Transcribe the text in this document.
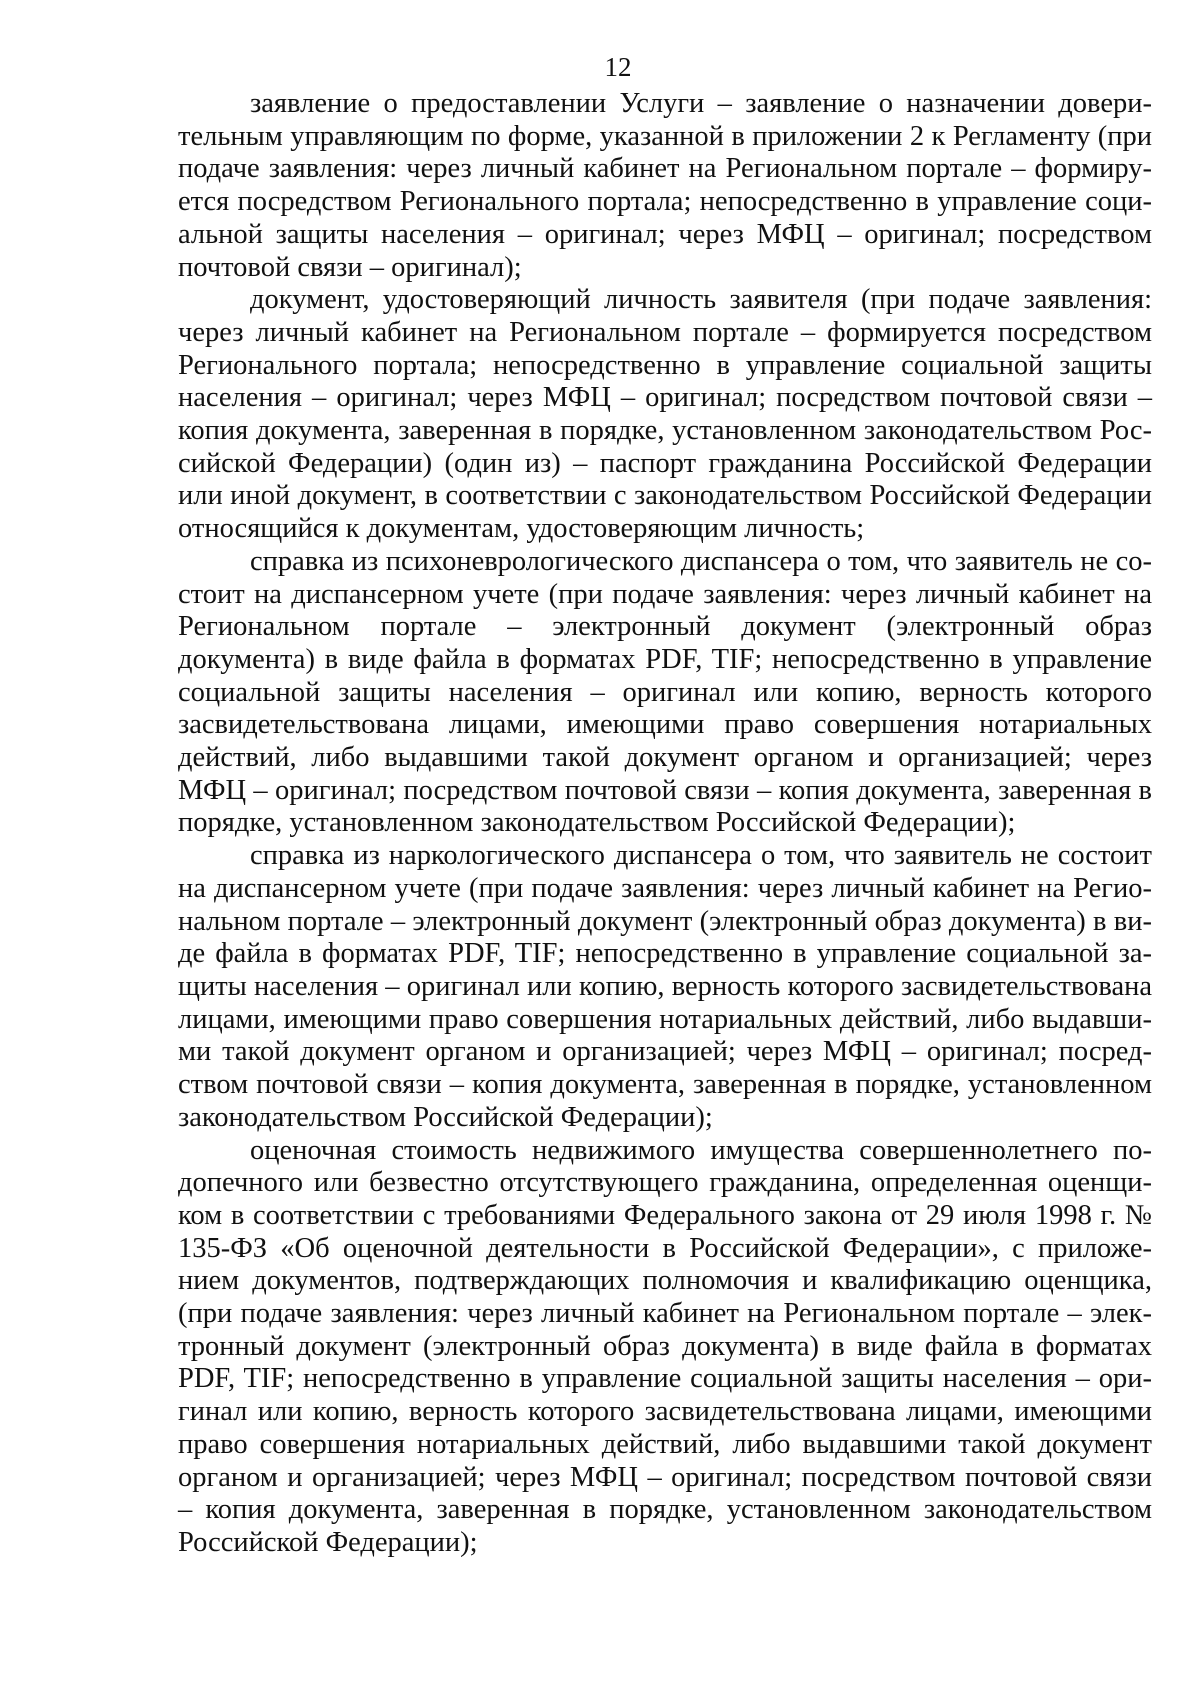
12

заявление о предоставлении Услуги – заявление о назначении доверительным управляющим по форме, указанной в приложении 2 к Регламенту (при подаче заявления: через личный кабинет на Региональном портале – формируется посредством Регионального портала; непосредственно в управление социальной защиты населения – оригинал; через МФЦ – оригинал; посредством почтовой связи – оригинал);

документ, удостоверяющий личность заявителя (при подаче заявления: через личный кабинет на Региональном портале – формируется посредством Регионального портала; непосредственно в управление социальной защиты населения – оригинал; через МФЦ – оригинал; посредством почтовой связи – копия документа, заверенная в порядке, установленном законодательством Российской Федерации) (один из) – паспорт гражданина Российской Федерации или иной документ, в соответствии с законодательством Российской Федерации относящийся к документам, удостоверяющим личность;

справка из психоневрологического диспансера о том, что заявитель не состоит на диспансерном учете (при подаче заявления: через личный кабинет на Региональном портале – электронный документ (электронный образ документа) в виде файла в форматах PDF, TIF; непосредственно в управление социальной защиты населения – оригинал или копию, верность которого засвидетельствована лицами, имеющими право совершения нотариальных действий, либо выдавшими такой документ органом и организацией; через МФЦ – оригинал; посредством почтовой связи – копия документа, заверенная в порядке, установленном законодательством Российской Федерации);

справка из наркологического диспансера о том, что заявитель не состоит на диспансерном учете (при подаче заявления: через личный кабинет на Региональном портале – электронный документ (электронный образ документа) в виде файла в форматах PDF, TIF; непосредственно в управление социальной защиты населения – оригинал или копию, верность которого засвидетельствована лицами, имеющими право совершения нотариальных действий, либо выдавшими такой документ органом и организацией; через МФЦ – оригинал; посредством почтовой связи – копия документа, заверенная в порядке, установленном законодательством Российской Федерации);

оценочная стоимость недвижимого имущества совершеннолетнего подопечного или безвестно отсутствующего гражданина, определенная оценщиком в соответствии с требованиями Федерального закона от 29 июля 1998 г. № 135-ФЗ «Об оценочной деятельности в Российской Федерации», с приложением документов, подтверждающих полномочия и квалификацию оценщика, (при подаче заявления: через личный кабинет на Региональном портале – электронный документ (электронный образ документа) в виде файла в форматах PDF, TIF; непосредственно в управление социальной защиты населения – оригинал или копию, верность которого засвидетельствована лицами, имеющими право совершения нотариальных действий, либо выдавшими такой документ органом и организацией; через МФЦ – оригинал; посредством почтовой связи – копия документа, заверенная в порядке, установленном законодательством Российской Федерации);
